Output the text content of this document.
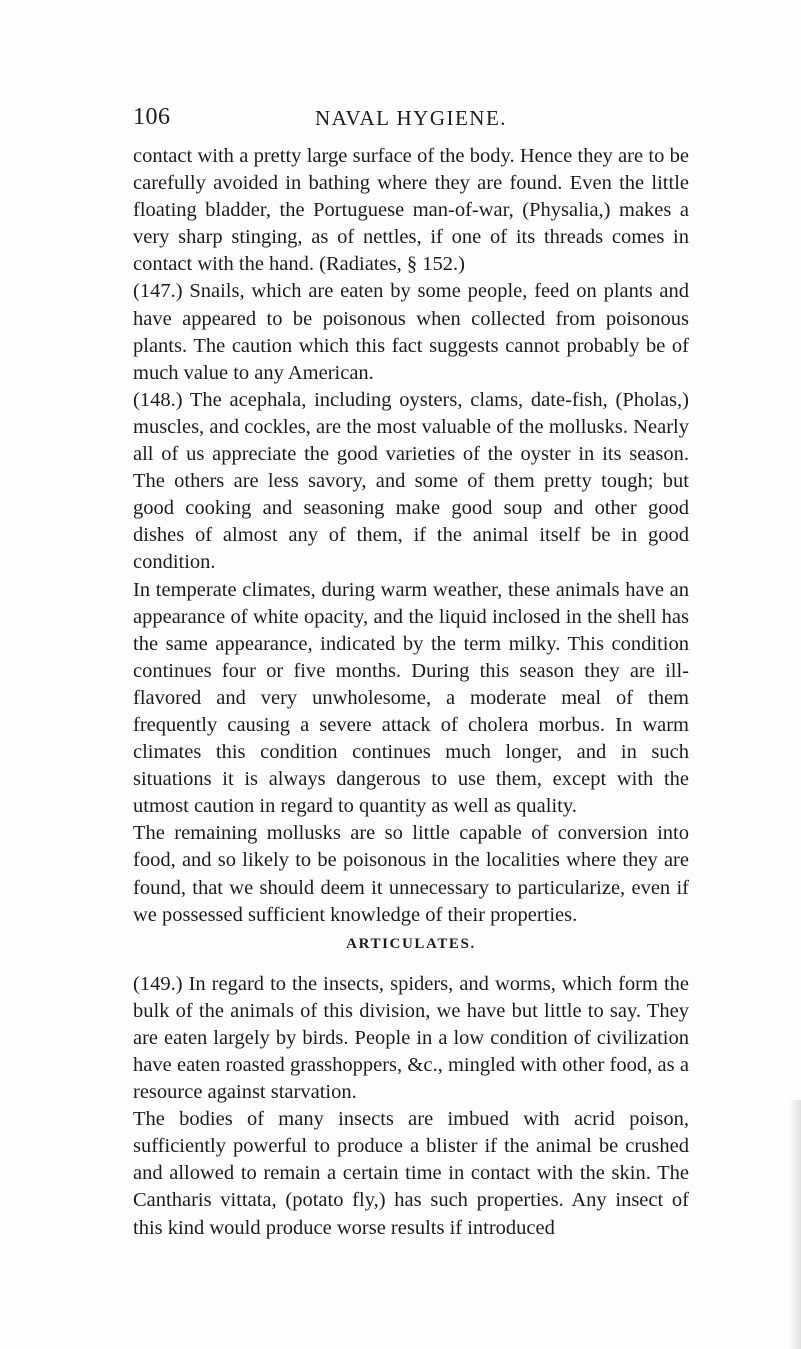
106	NAVAL HYGIENE.

contact with a pretty large surface of the body. Hence they are to be carefully avoided in bathing where they are found. Even the little floating bladder, the Portuguese man-of-war, (Physalia,) makes a very sharp stinging, as of nettles, if one of its threads comes in contact with the hand. (Radiates, § 152.)

(147.) Snails, which are eaten by some people, feed on plants and have appeared to be poisonous when collected from poisonous plants. The caution which this fact suggests cannot probably be of much value to any American.

(148.) The acephala, including oysters, clams, date-fish, (Pholas,) muscles, and cockles, are the most valuable of the mollusks. Nearly all of us appreciate the good varieties of the oyster in its season. The others are less savory, and some of them pretty tough; but good cooking and seasoning make good soup and other good dishes of almost any of them, if the animal itself be in good condition.

In temperate climates, during warm weather, these animals have an appearance of white opacity, and the liquid inclosed in the shell has the same appearance, indicated by the term milky. This condition continues four or five months. During this season they are ill-flavored and very unwholesome, a moderate meal of them frequently causing a severe attack of cholera morbus. In warm climates this condition continues much longer, and in such situations it is always dangerous to use them, except with the utmost caution in regard to quantity as well as quality.

The remaining mollusks are so little capable of conversion into food, and so likely to be poisonous in the localities where they are found, that we should deem it unnecessary to particularize, even if we possessed sufficient knowledge of their properties.

ARTICULATES.

(149.) In regard to the insects, spiders, and worms, which form the bulk of the animals of this division, we have but little to say. They are eaten largely by birds. People in a low condition of civilization have eaten roasted grasshoppers, &c., mingled with other food, as a resource against starvation.

The bodies of many insects are imbued with acrid poison, sufficiently powerful to produce a blister if the animal be crushed and allowed to remain a certain time in contact with the skin. The Cantharis vittata, (potato fly,) has such properties. Any insect of this kind would produce worse results if introduced
